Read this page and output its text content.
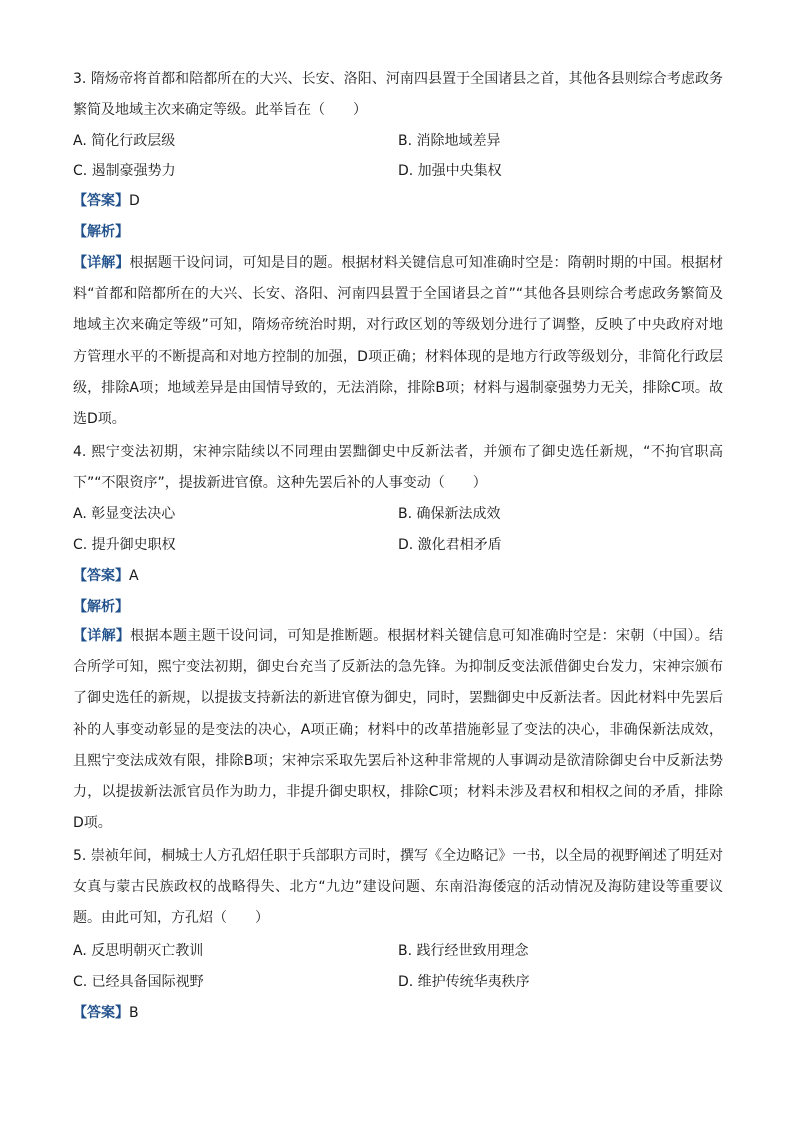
3. 隋炀帝将首都和陪都所在的大兴、长安、洛阳、河南四县置于全国诸县之首，其他各县则综合考虑政务繁简及地域主次来确定等级。此举旨在（　　）
A. 简化行政层级	B. 消除地域差异
C. 遏制豪强势力	D. 加强中央集权
【答案】D
【解析】
【详解】根据题干设问词，可知是目的题。根据材料关键信息可知准确时空是：隋朝时期的中国。根据材料“首都和陪都所在的大兴、长安、洛阳、河南四县置于全国诸县之首”“其他各县则综合考虑政务繁简及地域主次来确定等级”可知，隋炀帝统治时期，对行政区划的等级划分进行了调整，反映了中央政府对地方管理水平的不断提高和对地方控制的加强，D项正确；材料体现的是地方行政等级划分，非简化行政层级，排除A项；地域差异是由国情导致的，无法消除，排除B项；材料与遏制豪强势力无关，排除C项。故选D项。
4. 熙宁变法初期，宋神宗陆续以不同理由罢黜御史中反新法者，并颁布了御史选任新规，“不拘官职高下”“不限资序”，提拔新进官僚。这种先罢后补的人事变动（　　）
A. 彰显变法决心	B. 确保新法成效
C. 提升御史职权	D. 激化君相矛盾
【答案】A
【解析】
【详解】根据本题主题干设问词，可知是推断题。根据材料关键信息可知准确时空是：宋朝（中国）。结合所学可知，熙宁变法初期，御史台充当了反新法的急先锋。为抑制反变法派借御史台发力，宋神宗颁布了御史选任的新规，以提拔支持新法的新进官僚为御史，同时，罢黜御史中反新法者。因此材料中先罢后补的人事变动彰显的是变法的决心，A项正确；材料中的改革措施彰显了变法的决心，非确保新法成效，且熙宁变法成效有限，排除B项；宋神宗采取先罢后补这种非常规的人事调动是欲清除御史台中反新法势力，以提拔新法派官员作为助力，非提升御史职权，排除C项；材料未涉及君权和相权之间的矛盾，排除D项。
5. 崇祯年间，桐城士人方孔炤任职于兵部职方司时，撰写《全边略记》一书，以全局的视野阐述了明廷对女真与蒙古民族政权的战略得失、北方“九边”建设问题、东南沿海倭寇的活动情况及海防建设等重要议题。由此可知，方孔炤（　　）
A. 反思明朝灭亡教训	B. 践行经世致用理念
C. 已经具备国际视野	D. 维护传统华夷秩序
【答案】B
